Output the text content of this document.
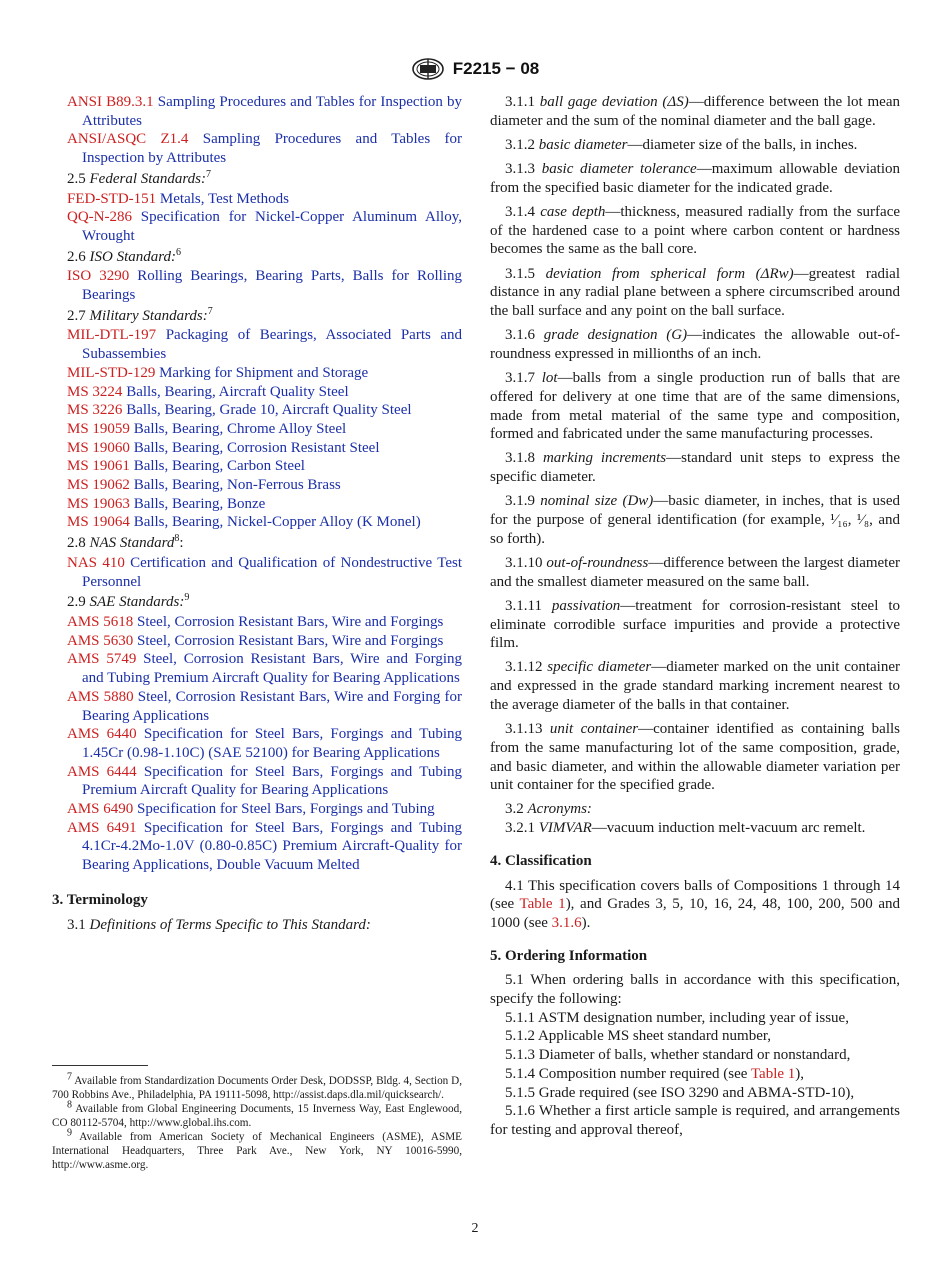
F2215 − 08

ANSI B89.3.1 Sampling Procedures and Tables for Inspection by Attributes

ANSI/ASQC Z1.4 Sampling Procedures and Tables for Inspection by Attributes

2.5 Federal Standards:$^7$

FED-STD-151 Metals, Test Methods

QQ-N-286 Specification for Nickel-Copper Aluminum Alloy, Wrought

2.6 ISO Standard:$^6$

ISO 3290 Rolling Bearings, Bearing Parts, Balls for Rolling Bearings

2.7 Military Standards:$^7$

MIL-DTL-197 Packaging of Bearings, Associated Parts and Subassembies

MIL-STD-129 Marking for Shipment and Storage

MS 3224 Balls, Bearing, Aircraft Quality Steel

MS 3226 Balls, Bearing, Grade 10, Aircraft Quality Steel

MS 19059 Balls, Bearing, Chrome Alloy Steel

MS 19060 Balls, Bearing, Corrosion Resistant Steel

MS 19061 Balls, Bearing, Carbon Steel

MS 19062 Balls, Bearing, Non-Ferrous Brass

MS 19063 Balls, Bearing, Bonze

MS 19064 Balls, Bearing, Nickel-Copper Alloy (K Monel)

2.8 NAS Standard$^8$:

NAS 410 Certification and Qualification of Nondestructive Test Personnel

2.9 SAE Standards:$^9$

AMS 5618 Steel, Corrosion Resistant Bars, Wire and Forgings

AMS 5630 Steel, Corrosion Resistant Bars, Wire and Forgings

AMS 5749 Steel, Corrosion Resistant Bars, Wire and Forging and Tubing Premium Aircraft Quality for Bearing Applications

AMS 5880 Steel, Corrosion Resistant Bars, Wire and Forging for Bearing Applications

AMS 6440 Specification for Steel Bars, Forgings and Tubing 1.45Cr (0.98-1.10C) (SAE 52100) for Bearing Applications

AMS 6444 Specification for Steel Bars, Forgings and Tubing Premium Aircraft Quality for Bearing Applications

AMS 6490 Specification for Steel Bars, Forgings and Tubing

AMS 6491 Specification for Steel Bars, Forgings and Tubing 4.1Cr-4.2Mo-1.0V (0.80-0.85C) Premium Aircraft-Quality for Bearing Applications, Double Vacuum Melted

3. Terminology

3.1 Definitions of Terms Specific to This Standard:

$^7$ Available from Standardization Documents Order Desk, DODSSP, Bldg. 4, Section D, 700 Robbins Ave., Philadelphia, PA 19111-5098, http://assist.daps.dla.mil/quicksearch/.

$^8$ Available from Global Engineering Documents, 15 Inverness Way, East Englewood, CO 80112-5704, http://www.global.ihs.com.

$^9$ Available from American Society of Mechanical Engineers (ASME), ASME International Headquarters, Three Park Ave., New York, NY 10016-5990, http://www.asme.org.

3.1.1 ball gage deviation (ΔS)—difference between the lot mean diameter and the sum of the nominal diameter and the ball gage.

3.1.2 basic diameter—diameter size of the balls, in inches.

3.1.3 basic diameter tolerance—maximum allowable deviation from the specified basic diameter for the indicated grade.

3.1.4 case depth—thickness, measured radially from the surface of the hardened case to a point where carbon content or hardness becomes the same as the ball core.

3.1.5 deviation from spherical form (ΔRw)—greatest radial distance in any radial plane between a sphere circumscribed around the ball surface and any point on the ball surface.

3.1.6 grade designation (G)—indicates the allowable out-of-roundness expressed in millionths of an inch.

3.1.7 lot—balls from a single production run of balls that are offered for delivery at one time that are of the same dimensions, made from metal material of the same type and composition, formed and fabricated under the same manufacturing processes.

3.1.8 marking increments—standard unit steps to express the specific diameter.

3.1.9 nominal size (Dw)—basic diameter, in inches, that is used for the purpose of general identification (for example, ¹⁄₁₆, ¹⁄₈, and so forth).

3.1.10 out-of-roundness—difference between the largest diameter and the smallest diameter measured on the same ball.

3.1.11 passivation—treatment for corrosion-resistant steel to eliminate corrodible surface impurities and provide a protective film.

3.1.12 specific diameter—diameter marked on the unit container and expressed in the grade standard marking increment nearest to the average diameter of the balls in that container.

3.1.13 unit container—container identified as containing balls from the same manufacturing lot of the same composition, grade, and basic diameter, and within the allowable diameter variation per unit container for the specified grade.

3.2 Acronyms:

3.2.1 VIMVAR—vacuum induction melt-vacuum arc remelt.

4. Classification

4.1 This specification covers balls of Compositions 1 through 14 (see Table 1), and Grades 3, 5, 10, 16, 24, 48, 100, 200, 500 and 1000 (see 3.1.6).

5. Ordering Information

5.1 When ordering balls in accordance with this specification, specify the following:

5.1.1 ASTM designation number, including year of issue,

5.1.2 Applicable MS sheet standard number,

5.1.3 Diameter of balls, whether standard or nonstandard,

5.1.4 Composition number required (see Table 1),

5.1.5 Grade required (see ISO 3290 and ABMA-STD-10),

5.1.6 Whether a first article sample is required, and arrangements for testing and approval thereof,

2
